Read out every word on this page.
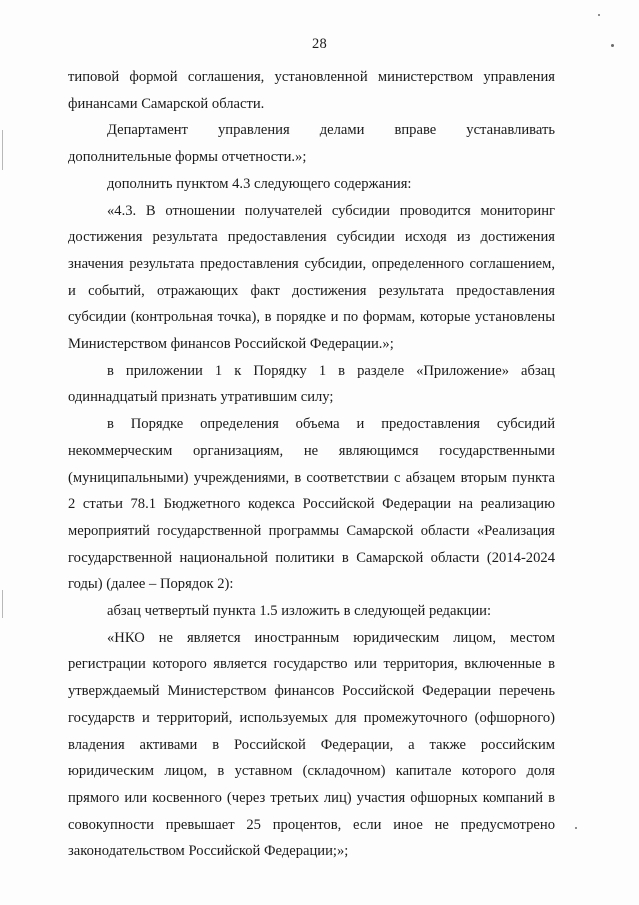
28

типовой формой соглашения, установленной министерством управления финансами Самарской области.

Департамент управления делами вправе устанавливать дополнительные формы отчетности.»;

дополнить пунктом 4.3 следующего содержания:

«4.3. В отношении получателей субсидии проводится мониторинг достижения результата предоставления субсидии исходя из достижения значения результата предоставления субсидии, определенного соглашением, и событий, отражающих факт достижения результата предоставления субсидии (контрольная точка), в порядке и по формам, которые установлены Министерством финансов Российской Федерации.»;

в приложении 1 к Порядку 1 в разделе «Приложение» абзац одиннадцатый признать утратившим силу;

в Порядке определения объема и предоставления субсидий некоммерческим организациям, не являющимся государственными (муниципальными) учреждениями, в соответствии с абзацем вторым пункта 2 статьи 78.1 Бюджетного кодекса Российской Федерации на реализацию мероприятий государственной программы Самарской области «Реализация государственной национальной политики в Самарской области (2014-2024 годы) (далее – Порядок 2):

абзац четвертый пункта 1.5 изложить в следующей редакции:

«НКО не является иностранным юридическим лицом, местом регистрации которого является государство или территория, включенные в утверждаемый Министерством финансов Российской Федерации перечень государств и территорий, используемых для промежуточного (офшорного) владения активами в Российской Федерации, а также российским юридическим лицом, в уставном (складочном) капитале которого доля прямого или косвенного (через третьих лиц) участия офшорных компаний в совокупности превышает 25 процентов, если иное не предусмотрено законодательством Российской Федерации;»;
